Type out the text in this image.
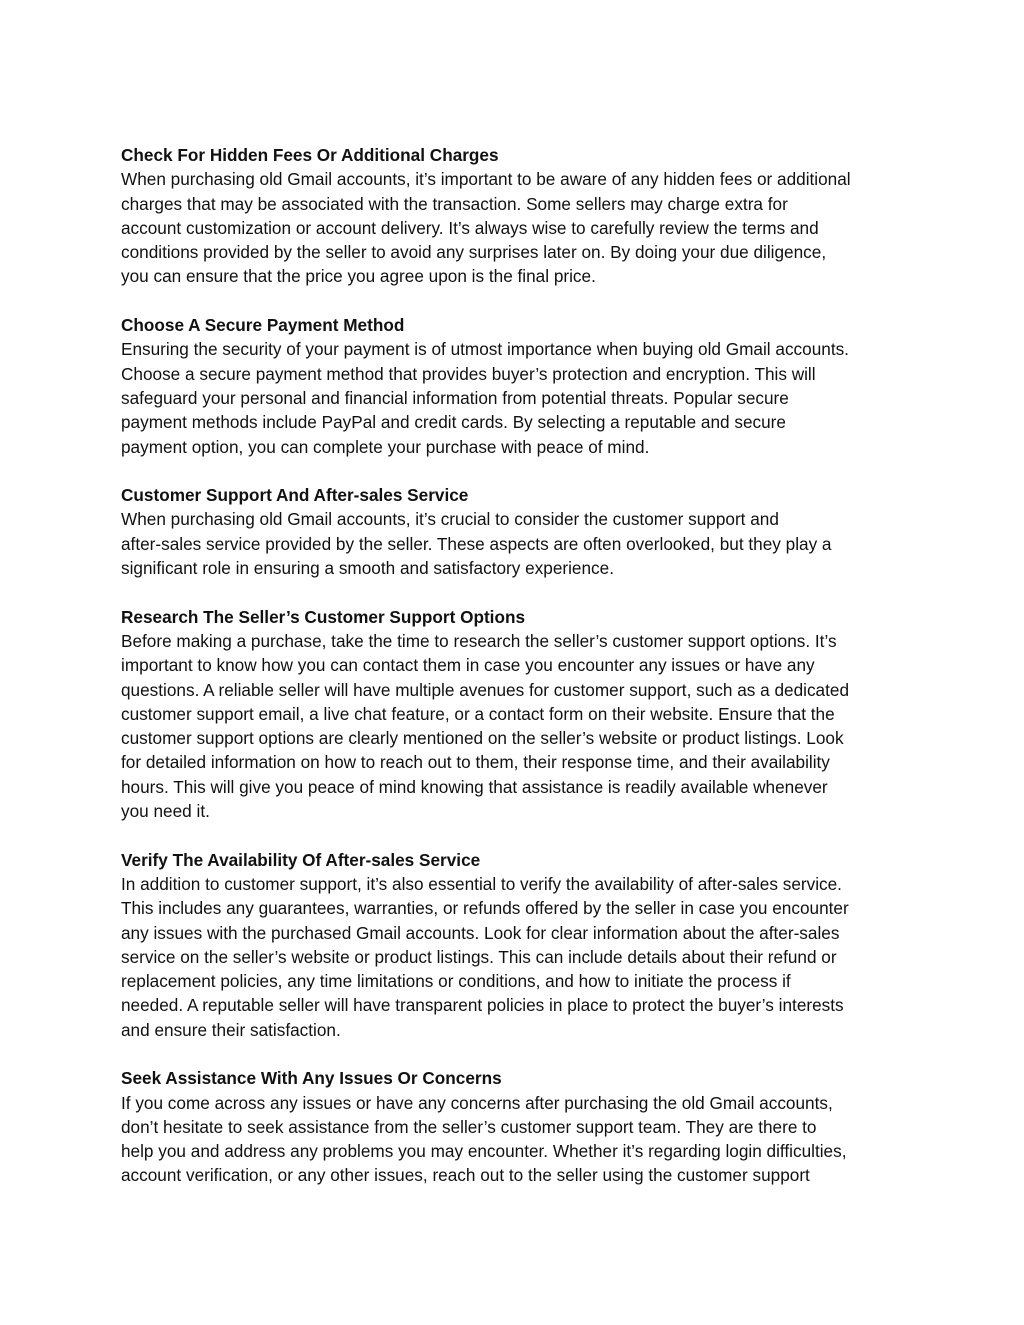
Check For Hidden Fees Or Additional Charges

When purchasing old Gmail accounts, it’s important to be aware of any hidden fees or additional
charges that may be associated with the transaction. Some sellers may charge extra for
account customization or account delivery. It’s always wise to carefully review the terms and
conditions provided by the seller to avoid any surprises later on. By doing your due diligence,
you can ensure that the price you agree upon is the final price.

Choose A Secure Payment Method

Ensuring the security of your payment is of utmost importance when buying old Gmail accounts.
Choose a secure payment method that provides buyer’s protection and encryption. This will
safeguard your personal and financial information from potential threats. Popular secure
payment methods include PayPal and credit cards. By selecting a reputable and secure
payment option, you can complete your purchase with peace of mind.

Customer Support And After-sales Service

When purchasing old Gmail accounts, it’s crucial to consider the customer support and
after-sales service provided by the seller. These aspects are often overlooked, but they play a
significant role in ensuring a smooth and satisfactory experience.

Research The Seller’s Customer Support Options

Before making a purchase, take the time to research the seller’s customer support options. It’s
important to know how you can contact them in case you encounter any issues or have any
questions. A reliable seller will have multiple avenues for customer support, such as a dedicated
customer support email, a live chat feature, or a contact form on their website. Ensure that the
customer support options are clearly mentioned on the seller’s website or product listings. Look
for detailed information on how to reach out to them, their response time, and their availability
hours. This will give you peace of mind knowing that assistance is readily available whenever
you need it.

Verify The Availability Of After-sales Service

In addition to customer support, it’s also essential to verify the availability of after-sales service.
This includes any guarantees, warranties, or refunds offered by the seller in case you encounter
any issues with the purchased Gmail accounts. Look for clear information about the after-sales
service on the seller’s website or product listings. This can include details about their refund or
replacement policies, any time limitations or conditions, and how to initiate the process if
needed. A reputable seller will have transparent policies in place to protect the buyer’s interests
and ensure their satisfaction.

Seek Assistance With Any Issues Or Concerns

If you come across any issues or have any concerns after purchasing the old Gmail accounts,
don’t hesitate to seek assistance from the seller’s customer support team. They are there to
help you and address any problems you may encounter. Whether it’s regarding login difficulties,
account verification, or any other issues, reach out to the seller using the customer support
